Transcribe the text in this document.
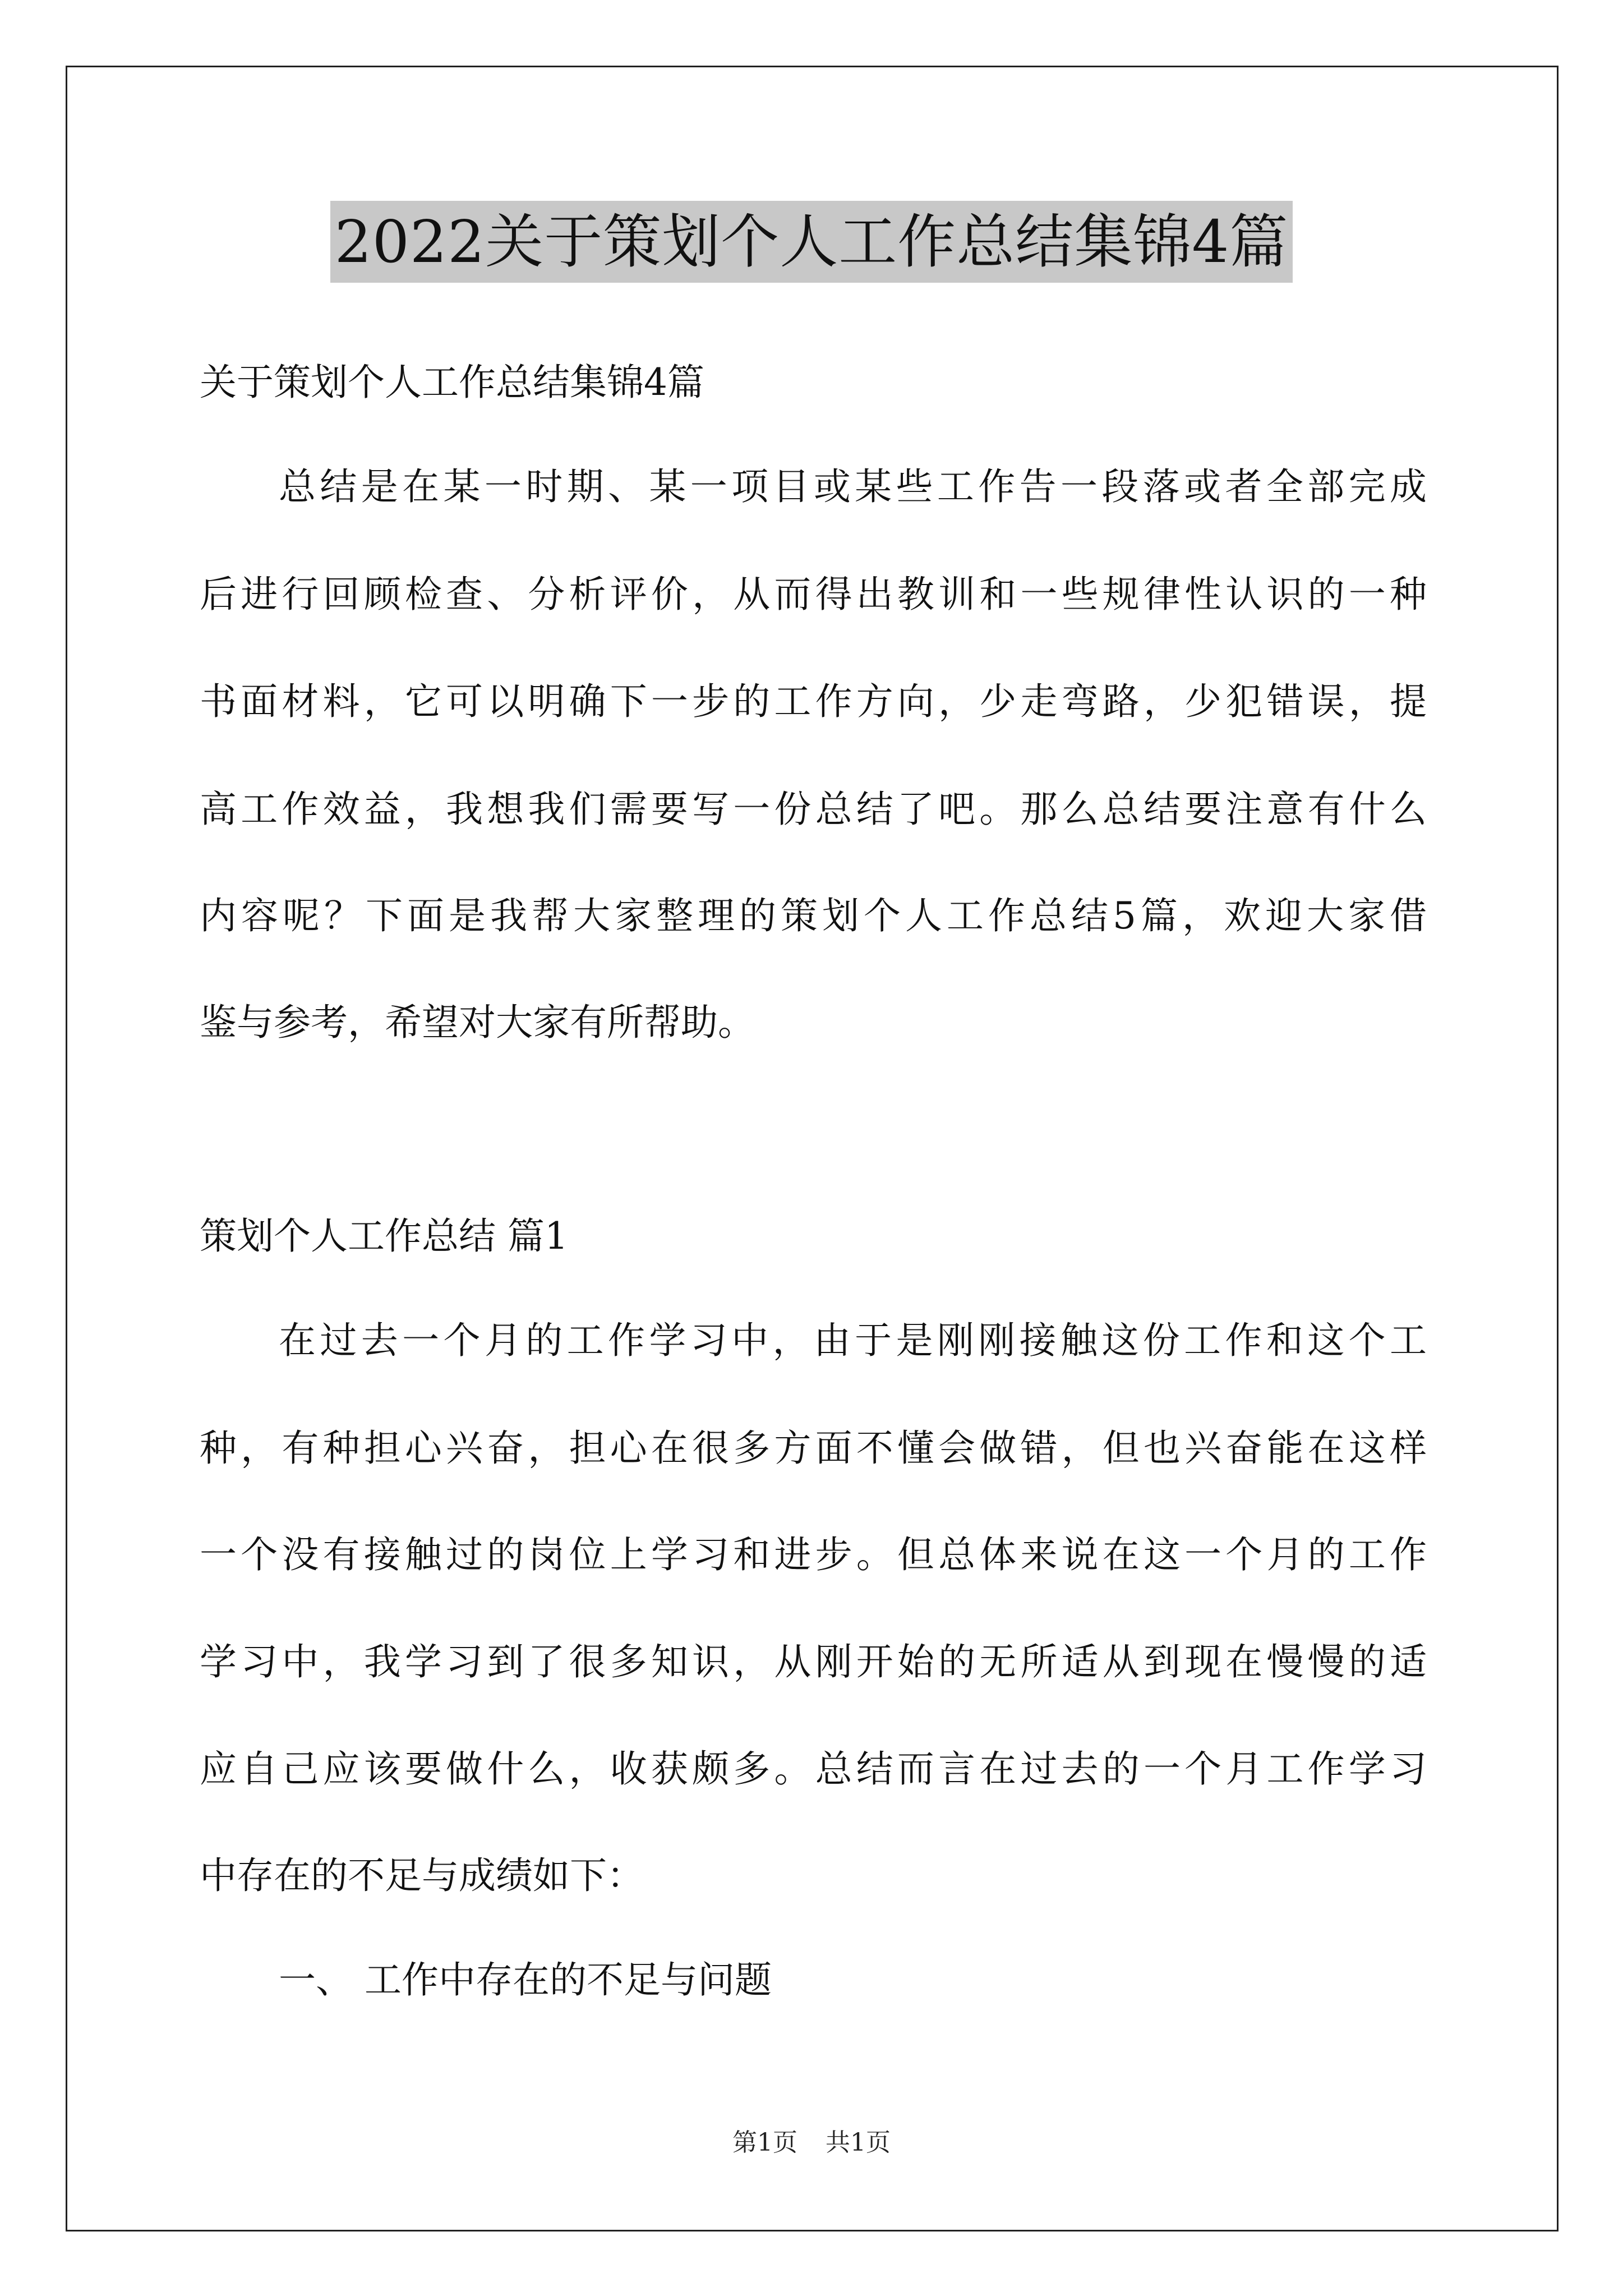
2022关于策划个人工作总结集锦4篇
关于策划个人工作总结集锦4篇
总结是在某一时期、某一项目或某些工作告一段落或者全部完成
后进行回顾检查、分析评价，从而得出教训和一些规律性认识的一种
书面材料，它可以明确下一步的工作方向，少走弯路，少犯错误，提
高工作效益，我想我们需要写一份总结了吧。那么总结要注意有什么
内容呢？下面是我帮大家整理的策划个人工作总结5篇，欢迎大家借
鉴与参考，希望对大家有所帮助。
策划个人工作总结 篇1
在过去一个月的工作学习中，由于是刚刚接触这份工作和这个工
种，有种担心兴奋，担心在很多方面不懂会做错，但也兴奋能在这样
一个没有接触过的岗位上学习和进步。但总体来说在这一个月的工作
学习中，我学习到了很多知识，从刚开始的无所适从到现在慢慢的适
应自己应该要做什么，收获颇多。总结而言在过去的一个月工作学习
中存在的不足与成绩如下：
一、 工作中存在的不足与问题
第1页 共1页
